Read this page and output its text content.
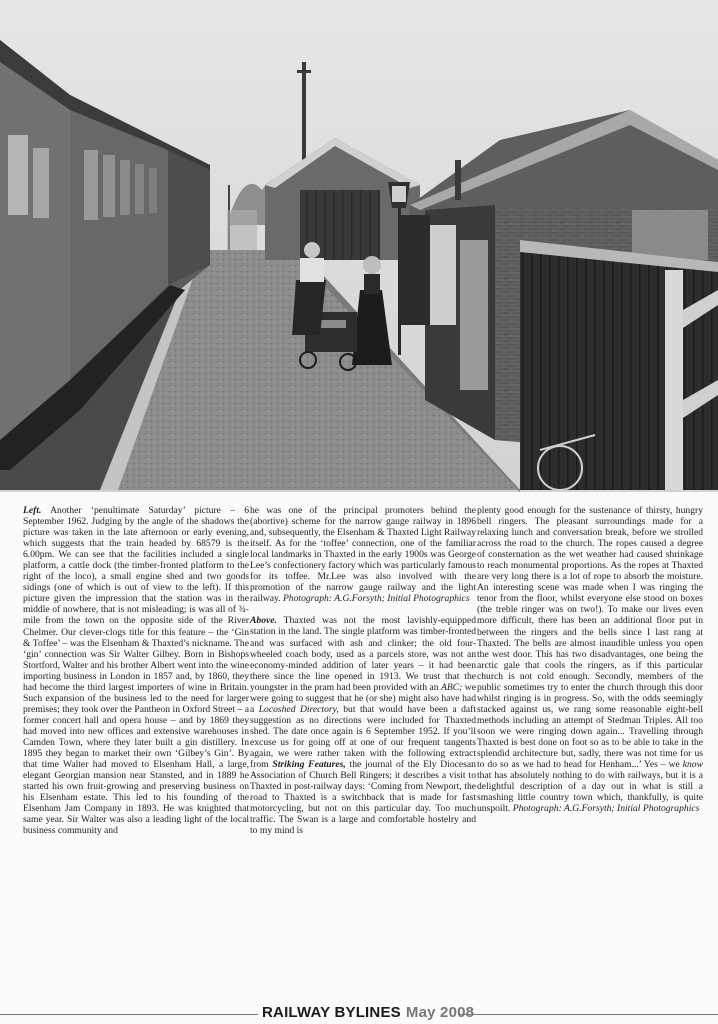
Left. Another ‘penultimate Saturday’ picture – 6 September 1962. Judging by the angle of the shadows the picture was taken in the late afternoon or early evening, which suggests that the train headed by 68579 is the 6.00pm. We can see that the facilities included a single platform, a cattle dock (the timber-fronted platform to the right of the loco), a small engine shed and two goods sidings (one of which is out of view to the left). If this picture given the impression that the station was in the middle of nowhere, that is not misleading; is was all of ¾-mile from the town on the opposite side of the River Chelmer. Our clever-clogs title for this feature – the ‘Gin & Toffee’ – was the Elsenham & Thaxted’s nickname. The ‘gin’ connection was Sir Walter Gilbey. Born in Bishops Stortford, Walter and his brother Albert went into the wine importing business in London in 1857 and, by 1860, they had become the third largest importers of wine in Britain. Such expansion of the business led to the need for larger premises; they took over the Pantheon in Oxford Street – a former concert hall and opera house – and by 1869 they had moved into new offices and extensive warehouses in Camden Town, where they later built a gin distillery. In 1895 they began to market their own ‘Gilbey’s Gin’. By that time Walter had moved to Elsenham Hall, a large, elegant Georgian mansion near Stansted, and in 1889 he started his own fruit-growing and preserving business on his Elsenham estate. This led to his founding of the Elsenham Jam Company in 1893. He was knighted that same year. Sir Walter was also a leading light of the local business community and

he was one of the principal promoters behind the (abortive) scheme for the narrow gauge railway in 1896 and, subsequently, the Elsenham & Thaxted Light Railway itself. As for the ‘toffee’ connection, one of the familiar local landmarks in Thaxted in the early 1900s was George Lee’s confectionery factory which was particularly famous for its toffee. Mr.Lee was also involved with the promotion of the narrow gauge railway and the light railway. Photograph: A.G.Forsyth; Initial Photographics

Above. Thaxted was not the most lavishly-equipped station in the land. The single platform was timber-fronted and was surfaced with ash and clinker; the old four-wheeled coach body, used as a parcels store, was not an economy-minded addition of later years – it had been there since the line opened in 1913. We trust that the youngster in the pram had been provided with an ABC; we were going to suggest that he (or she) might also have had a Locoshed Directory, but that would have been a daft suggestion as no directions were included for Thaxted shed. The date once again is 6 September 1952. If you’ll excuse us for going off at one of our frequent tangents again, we were rather taken with the following extract from Striking Features, the journal of the Ely Diocesan Association of Church Bell Ringers; it describes a visit to Thaxted in post-railway days: ‘Coming from Newport, the road to Thaxted is a switchback that is made for fast motorcycling, but not on this particular day. Too much traffic. The Swan is a large and comfortable hostelry and to my mind is

plenty good enough for the sustenance of thirsty, hungry bell ringers. The pleasant surroundings made for a relaxing lunch and conversation break, before we strolled across the road to the church. The ropes caused a degree of consternation as the wet weather had caused shrinkage to reach monumental proportions. As the ropes at Thaxted are very long there is a lot of rope to absorb the moisture. An interesting scene was made when I was ringing the tenor from the floor, whilst everyone else stood on boxes (the treble ringer was on two!). To make our lives even more difficult, there has been an additional floor put in between the ringers and the bells since I last rang at Thaxted. The bells are almost inaudible unless you open the west door. This has two disadvantages, one being the arctic gale that cools the ringers, as if this particular church is not cold enough. Secondly, members of the public sometimes try to enter the church through this door whilst ringing is in progress. So, with the odds seemingly stacked against us, we rang some reasonable eight-bell methods including an attempt of Stedman Triples. All too soon we were ringing down again... Travelling through Thaxted is best done on foot so as to be able to take in the splendid architecture but, sadly, there was not time for us to do so as we had to head for Henham...’ Yes – we know that has absolutely nothing to do with railways, but it is a delightful description of a day out in what is still a smashing little country town which, thankfully, is quite unspoilt. Photograph: A.G.Forsyth; Initial Photographics

RAILWAY BYLINES May 2008
